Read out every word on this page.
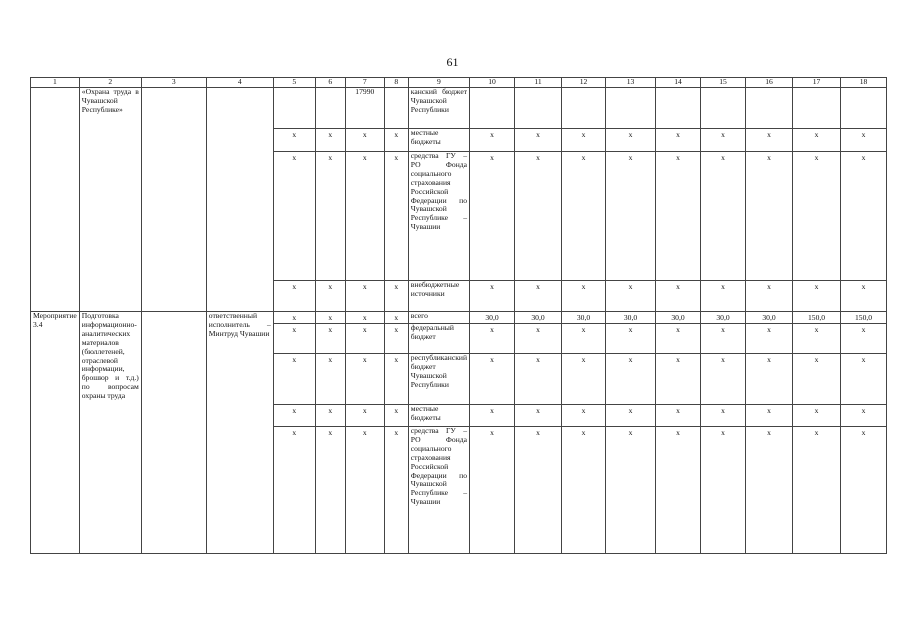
61
1	2	3	4	5	6	7	8	9	10	11	12	13	14	15	16	17	18
	«Охрана труда в Чувашской Республике»					17990		канский бюджет Чувашской Республики									
				x	x	x	x	местные бюджеты	x	x	x	x	x	x	x	x	x
				x	x	x	x	средства ГУ – РО Фонда социального страхования Российской Федерации по Чувашской Республике – Чувашии	x	x	x	x	x	x	x	x	x
				x	x	x	x	внебюджетные источники	x	x	x	x	x	x	x	x	x
Мероприятие 3.4	Подготовка информационно-аналитических материалов (бюллетеней, отраслевой информации, брошюр и т.д.) по вопросам охраны труда		ответственный исполнитель – Минтруд Чувашии	x	x	x	x	всего	30,0	30,0	30,0	30,0	30,0	30,0	30,0	150,0	150,0
				x	x	x	x	федеральный бюджет	x	x	x	x	x	x	x	x	x
				x	x	x	x	республиканский бюджет Чувашской Республики	x	x	x	x	x	x	x	x	x
				x	x	x	x	местные бюджеты	x	x	x	x	x	x	x	x	x
				x	x	x	x	средства ГУ – РО Фонда социального страхования Российской Федерации по Чувашской Республике – Чувашии	x	x	x	x	x	x	x	x	x
